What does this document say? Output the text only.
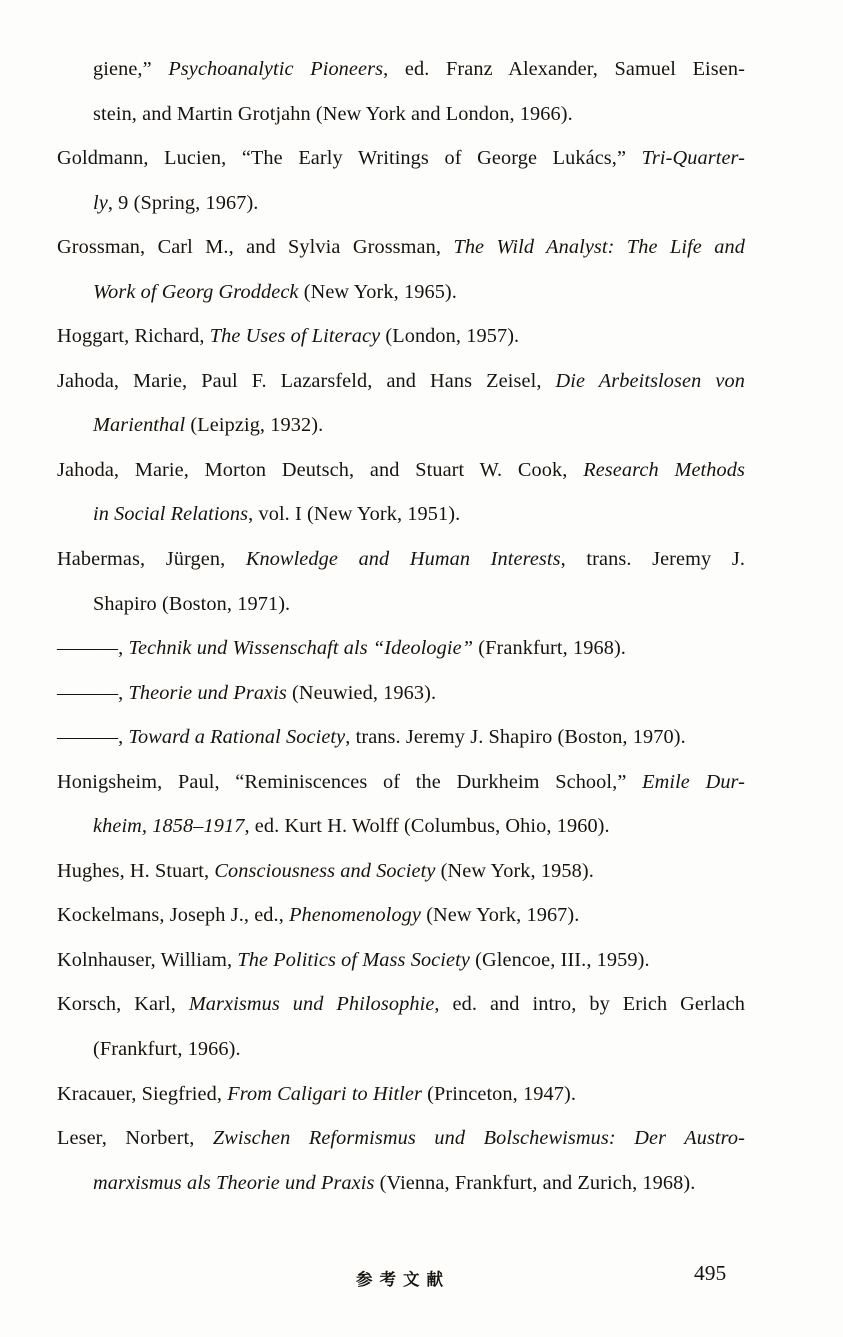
giene,” Psychoanalytic Pioneers, ed. Franz Alexander, Samuel Eisen-
stein, and Martin Grotjahn (New York and London, 1966).
Goldmann, Lucien, “The Early Writings of George Lukács,” Tri-Quarter-
ly, 9 (Spring, 1967).
Grossman, Carl M., and Sylvia Grossman, The Wild Analyst: The Life and
Work of Georg Groddeck (New York, 1965).
Hoggart, Richard, The Uses of Literacy (London, 1957).
Jahoda, Marie, Paul F. Lazarsfeld, and Hans Zeisel, Die Arbeitslosen von
Marienthal (Leipzig, 1932).
Jahoda, Marie, Morton Deutsch, and Stuart W. Cook, Research Methods
in Social Relations, vol. I (New York, 1951).
Habermas, Jürgen, Knowledge and Human Interests, trans. Jeremy J.
Shapiro (Boston, 1971).
———, Technik und Wissenschaft als “Ideologie” (Frankfurt, 1968).
———, Theorie und Praxis (Neuwied, 1963).
———, Toward a Rational Society, trans. Jeremy J. Shapiro (Boston, 1970).
Honigsheim, Paul, “Reminiscences of the Durkheim School,” Emile Dur-
kheim, 1858–1917, ed. Kurt H. Wolff (Columbus, Ohio, 1960).
Hughes, H. Stuart, Consciousness and Society (New York, 1958).
Kockelmans, Joseph J., ed., Phenomenology (New York, 1967).
Kolnhauser, William, The Politics of Mass Society (Glencoe, III., 1959).
Korsch, Karl, Marxismus und Philosophie, ed. and intro, by Erich Gerlach
(Frankfurt, 1966).
Kracauer, Siegfried, From Caligari to Hitler (Princeton, 1947).
Leser, Norbert, Zwischen Reformismus und Bolschewismus: Der Austro-
marxismus als Theorie und Praxis (Vienna, Frankfurt, and Zurich, 1968).
参考文献	495
